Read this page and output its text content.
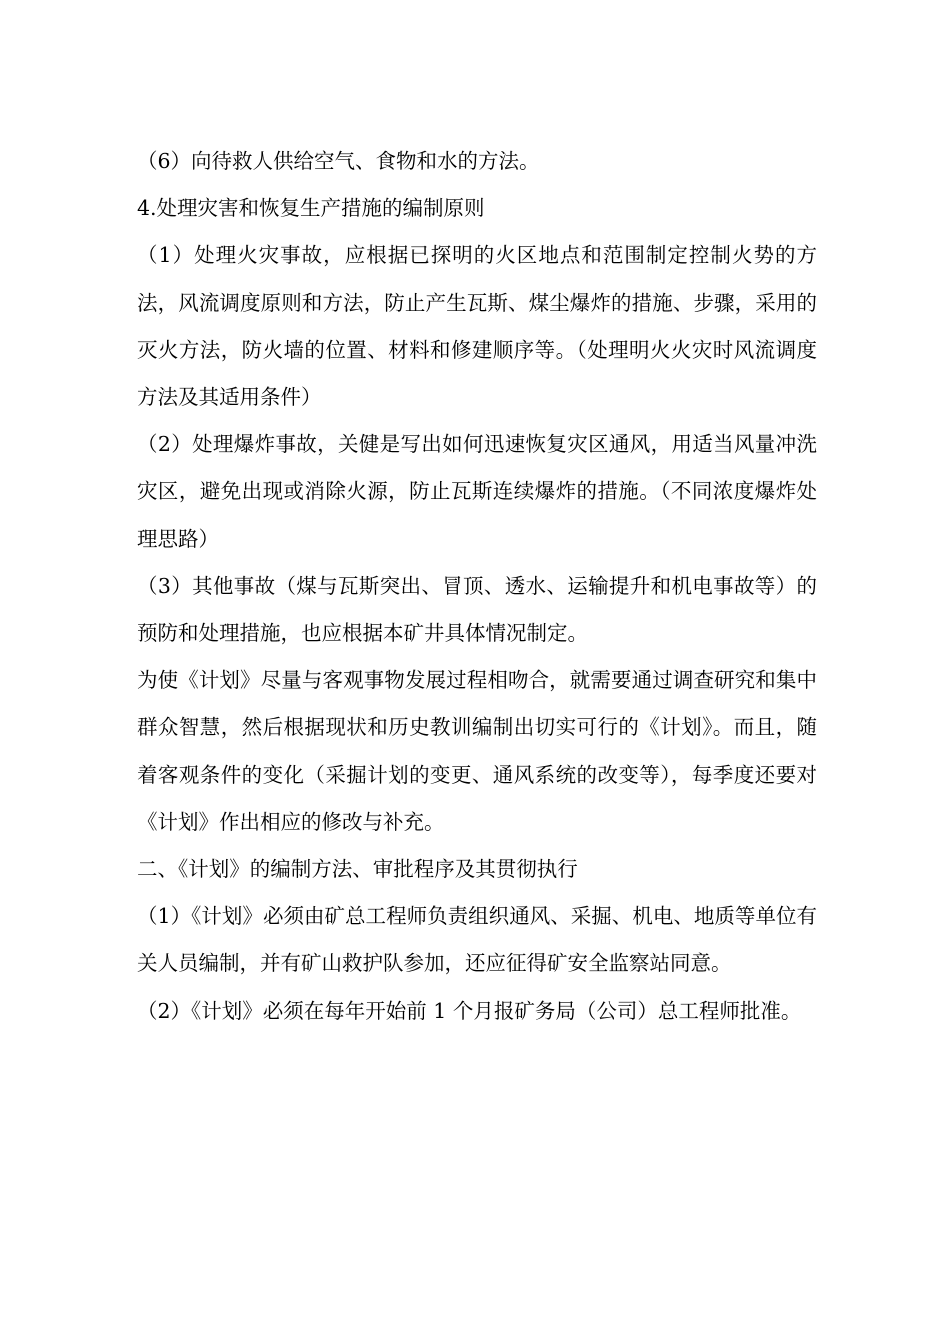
（6）向待救人供给空气、食物和水的方法。

4.处理灾害和恢复生产措施的编制原则

（1）处理火灾事故，应根据已探明的火区地点和范围制定控制火势的方法，风流调度原则和方法，防止产生瓦斯、煤尘爆炸的措施、步骤，采用的灭火方法，防火墙的位置、材料和修建顺序等。（处理明火火灾时风流调度方法及其适用条件）

（2）处理爆炸事故，关健是写出如何迅速恢复灾区通风，用适当风量冲洗灾区，避免出现或消除火源，防止瓦斯连续爆炸的措施。（不同浓度爆炸处理思路）

（3）其他事故（煤与瓦斯突出、冒顶、透水、运输提升和机电事故等）的预防和处理措施，也应根据本矿井具体情况制定。

为使《计划》尽量与客观事物发展过程相吻合，就需要通过调查研究和集中群众智慧，然后根据现状和历史教训编制出切实可行的《计划》。而且，随着客观条件的变化（采掘计划的变更、通风系统的改变等），每季度还要对《计划》作出相应的修改与补充。

二、《计划》的编制方法、审批程序及其贯彻执行

（1）《计划》必须由矿总工程师负责组织通风、采掘、机电、地质等单位有关人员编制，并有矿山救护队参加，还应征得矿安全监察站同意。

（2）《计划》必须在每年开始前 1 个月报矿务局（公司）总工程师批准。
